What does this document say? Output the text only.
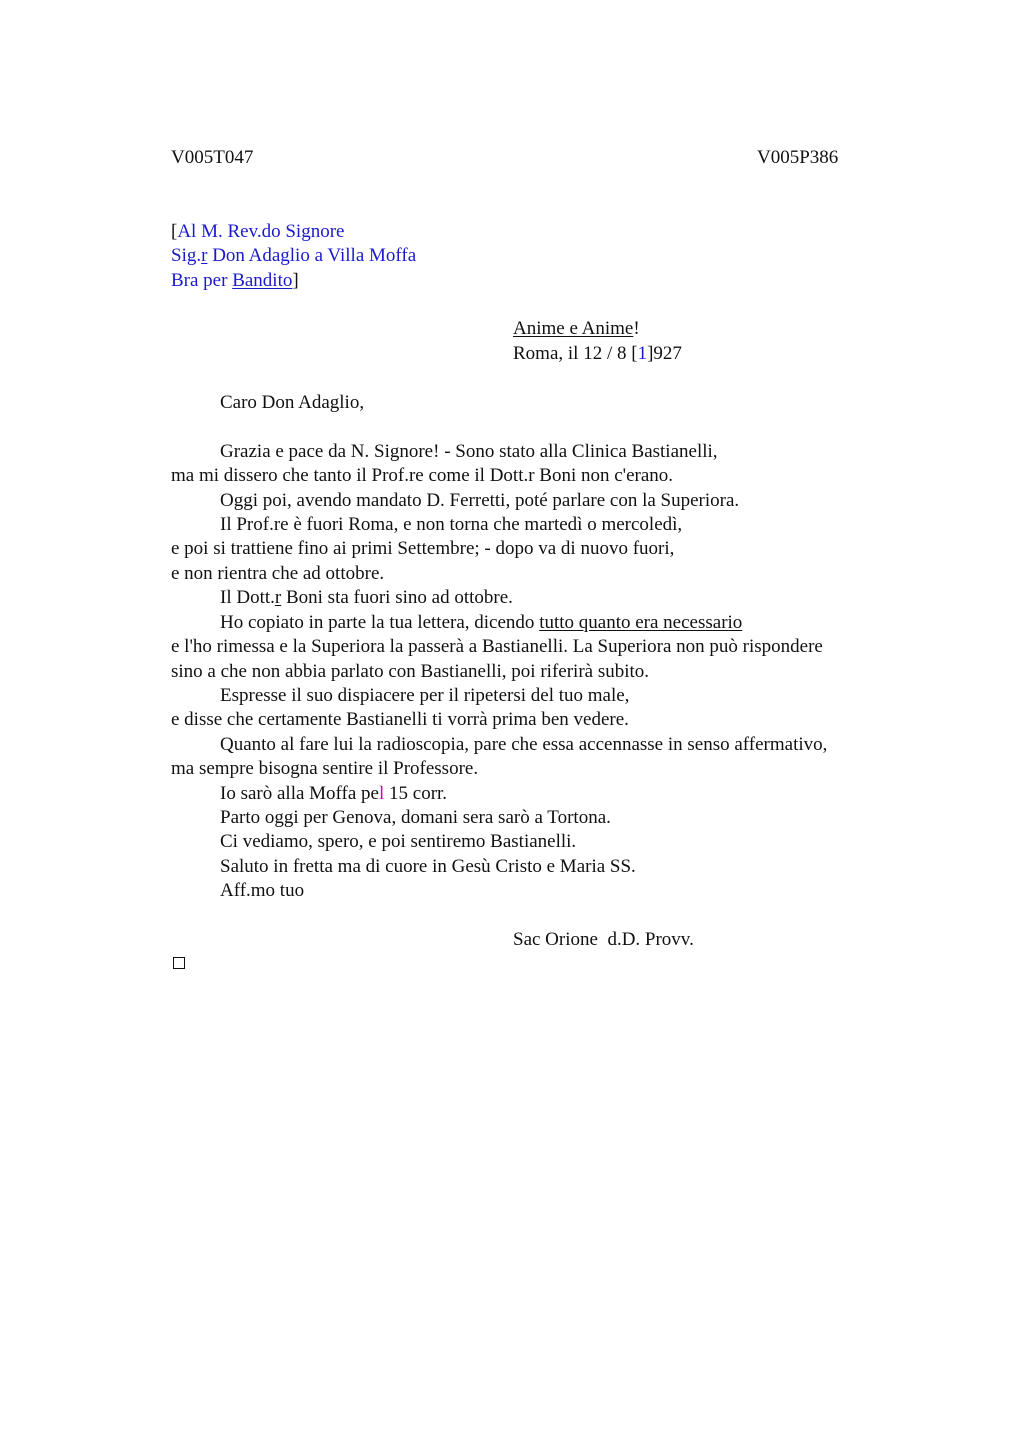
V005T047	V005P386
[Al M. Rev.do Signore
Sig.r Don Adaglio a Villa Moffa
Bra per Bandito]
Anime e Anime!
Roma, il 12 / 8 [1]927
Caro Don Adaglio,
Grazia e pace da N. Signore! - Sono stato alla Clinica Bastianelli,
ma mi dissero che tanto il Prof.re come il Dott.r Boni non c'erano.
Oggi poi, avendo mandato D. Ferretti, poté parlare con la Superiora.
Il Prof.re è fuori Roma, e non torna che martedì o mercoledì,
e poi si trattiene fino ai primi Settembre; - dopo va di nuovo fuori,
e non rientra che ad ottobre.
Il Dott.r Boni sta fuori sino ad ottobre.
Ho copiato in parte la tua lettera, dicendo tutto quanto era necessario
e l'ho rimessa e la Superiora la passerà a Bastianelli. La Superiora non può rispondere
sino a che non abbia parlato con Bastianelli, poi riferirà subito.
Espresse il suo dispiacere per il ripetersi del tuo male,
e disse che certamente Bastianelli ti vorrà prima ben vedere.
Quanto al fare lui la radioscopia, pare che essa accennasse in senso affermativo,
ma sempre bisogna sentire il Professore.
Io sarò alla Moffa pel 15 corr.
Parto oggi per Genova, domani sera sarò a Tortona.
Ci vediamo, spero, e poi sentiremo Bastianelli.
Saluto in fretta ma di cuore in Gesù Cristo e Maria SS.
Aff.mo tuo
Sac Orione  d.D. Provv.
